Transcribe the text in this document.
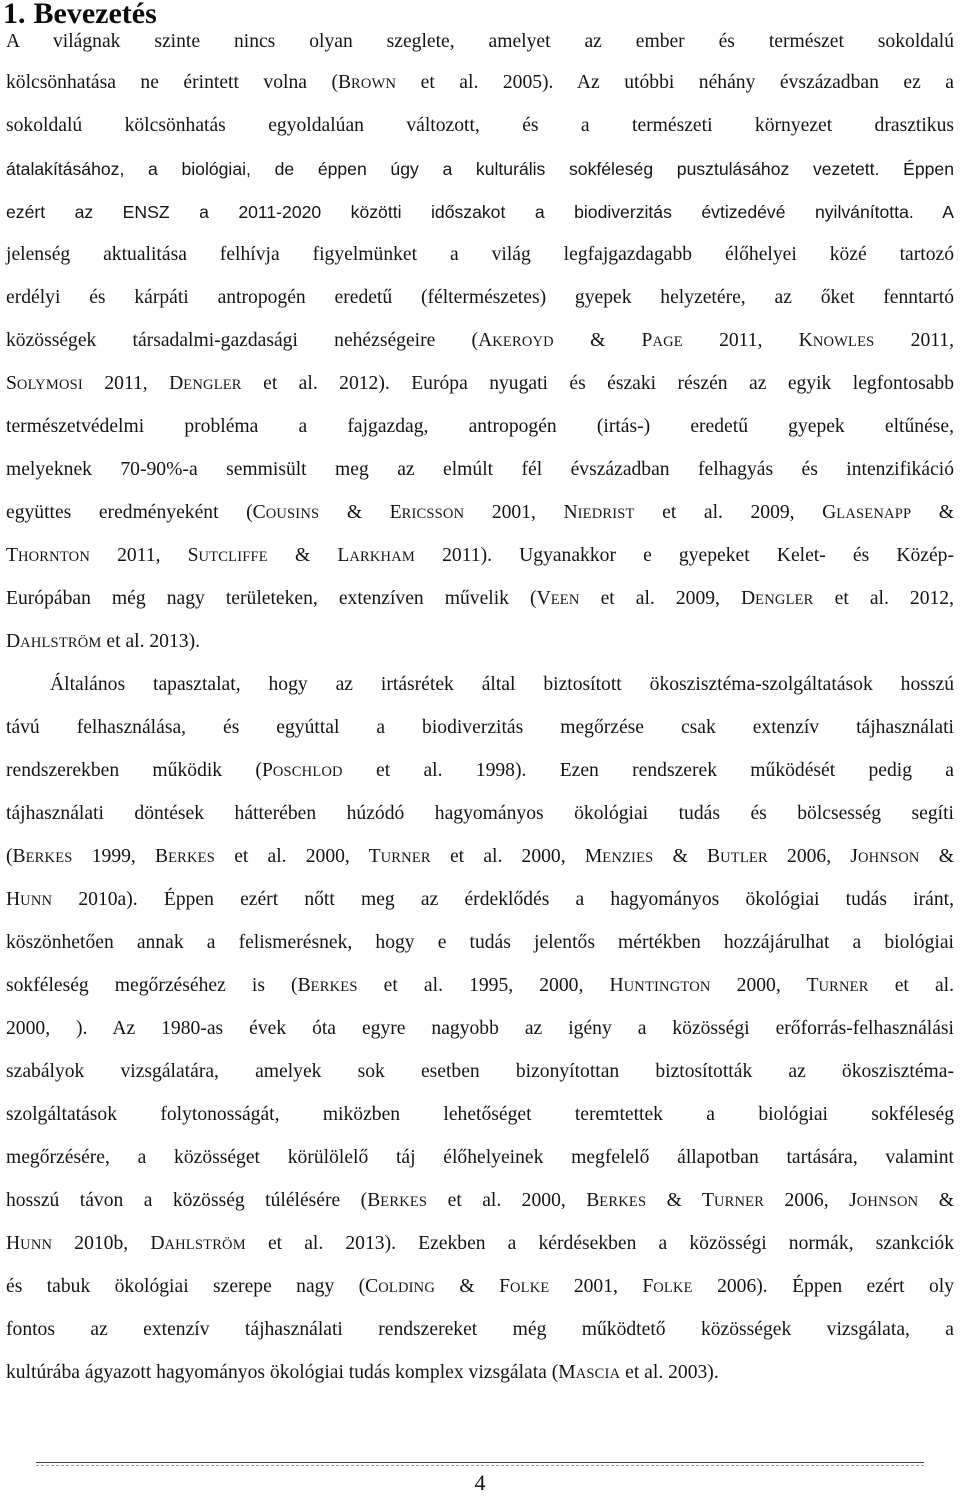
1. Bevezetés
A világnak szinte nincs olyan szeglete, amelyet az ember és természet sokoldalú
kölcsönhatása ne érintett volna (BROWN et al. 2005). Az utóbbi néhány évszázadban ez a
sokoldalú kölcsönhatás egyoldalúan változott, és a természeti környezet drasztikus
átalakításához, a biológiai, de éppen úgy a kulturális sokféleség pusztulásához vezetett. Éppen
ezért az ENSZ a 2011-2020 közötti időszakot a biodiverzitás évtizedévé nyilvánította. A
jelenség aktualitása felhívja figyelmünket a világ legfajgazdagabb élőhelyei közé tartozó
erdélyi és kárpáti antropogén eredetű (féltermészetes) gyepek helyzetére, az őket fenntartó
közösségek társadalmi-gazdasági nehézségeire (AKEROYD & PAGE 2011, KNOWLES 2011,
SOLYMOSI 2011, DENGLER et al. 2012). Európa nyugati és északi részén az egyik legfontosabb
természetvédelmi probléma a fajgazdag, antropogén (irtás-) eredetű gyepek eltűnése,
melyeknek 70-90%-a semmisült meg az elmúlt fél évszázadban felhagyás és intenzifikáció
együttes eredményeként (COUSINS & ERICSSON 2001, NIEDRIST et al. 2009, GLASENAPP &
THORNTON 2011, SUTCLIFFE & LARKHAM 2011). Ugyanakkor e gyepeket Kelet- és Közép-
Európában még nagy területeken, extenzíven művelik (VEEN et al. 2009, DENGLER et al. 2012,
DAHLSTRÖM et al. 2013).
Általános tapasztalat, hogy az irtásrétek által biztosított ökoszisztéma-szolgáltatások hosszú
távú felhasználása, és egyúttal a biodiverzitás megőrzése csak extenzív tájhasználati
rendszerekben működik (POSCHLOD et al. 1998). Ezen rendszerek működését pedig a
tájhasználati döntések hátterében húzódó hagyományos ökológiai tudás és bölcsesség segíti
(BERKES 1999, BERKES et al. 2000, TURNER et al. 2000, MENZIES & BUTLER 2006, JOHNSON &
HUNN 2010a). Éppen ezért nőtt meg az érdeklődés a hagyományos ökológiai tudás iránt,
köszönhetően annak a felismerésnek, hogy e tudás jelentős mértékben hozzájárulhat a biológiai
sokféleség megőrzéséhez is (BERKES et al. 1995, 2000, HUNTINGTON 2000, TURNER et al.
2000, ). Az 1980-as évek óta egyre nagyobb az igény a közösségi erőforrás-felhasználási
szabályok vizsgálatára, amelyek sok esetben bizonyítottan biztosították az ökoszisztéma-
szolgáltatások folytonosságát, miközben lehetőséget teremtettek a biológiai sokféleség
megőrzésére, a közösséget körülölelő táj élőhelyeinek megfelelő állapotban tartására, valamint
hosszú távon a közösség túlélésére (BERKES et al. 2000, BERKES & TURNER 2006, JOHNSON &
HUNN 2010b, DAHLSTRÖM et al. 2013). Ezekben a kérdésekben a közösségi normák, szankciók
és tabuk ökológiai szerepe nagy (COLDING & FOLKE 2001, FOLKE 2006). Éppen ezért oly
fontos az extenzív tájhasználati rendszereket még működtető közösségek vizsgálata, a
kultúrába ágyazott hagyományos ökológiai tudás komplex vizsgálata (MASCIA et al. 2003).
4
